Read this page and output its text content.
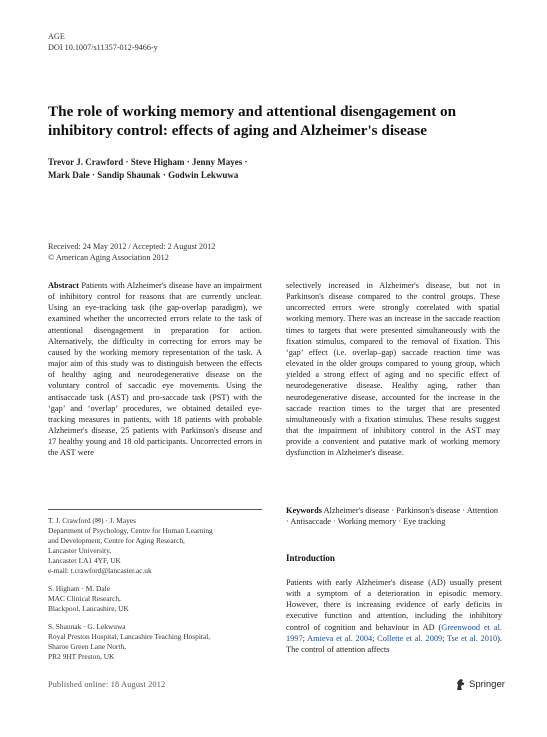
AGE
DOI 10.1007/s11357-012-9466-y
The role of working memory and attentional disengagement on inhibitory control: effects of aging and Alzheimer's disease
Trevor J. Crawford · Steve Higham · Jenny Mayes ·
Mark Dale · Sandip Shaunak · Godwin Lekwuwa
Received: 24 May 2012 / Accepted: 2 August 2012
© American Aging Association 2012
Abstract Patients with Alzheimer's disease have an impairment of inhibitory control for reasons that are currently unclear. Using an eye-tracking task (the gap-overlap paradigm), we examined whether the uncorrected errors relate to the task of attentional disengagement in preparation for action. Alternatively, the difficulty in correcting for errors may be caused by the working memory representation of the task. A major aim of this study was to distinguish between the effects of healthy aging and neurodegenerative disease on the voluntary control of saccadic eye movements. Using the antisaccade task (AST) and pro-saccade task (PST) with the ‘gap’ and ‘overlap’ procedures, we obtained detailed eye-tracking measures in patients, with 18 patients with probable Alzheimer's disease, 25 patients with Parkinson's disease and 17 healthy young and 18 old participants. Uncorrected errors in the AST were
selectively increased in Alzheimer's disease, but not in Parkinson's disease compared to the control groups. These uncorrected errors were strongly correlated with spatial working memory. There was an increase in the saccade reaction times to targets that were presented simultaneously with the fixation stimulus, compared to the removal of fixation. This ‘gap’ effect (i.e. overlap–gap) saccade reaction time was elevated in the older groups compared to young group, which yielded a strong effect of aging and no specific effect of neurodegenerative disease. Healthy aging, rather than neurodegenerative disease, accounted for the increase in the saccade reaction times to the target that are presented simultaneously with a fixation stimulus. These results suggest that the impairment of inhibitory control in the AST may provide a convenient and putative mark of working memory dysfunction in Alzheimer's disease.
Keywords Alzheimer's disease · Parkinson's disease · Attention · Antisaccade · Working memory · Eye tracking
T. J. Crawford (✉) · J. Mayes
Department of Psychology, Centre for Human Learning
and Development, Centre for Aging Research,
Lancaster University,
Lancaster LA1 4YF, UK
e-mail: t.crawford@lancaster.ac.uk
S. Higham · M. Dale
MAC Clinical Research,
Blackpool, Lancashire, UK
S. Shaunak · G. Lekwuwa
Royal Preston Hospital, Lancashire Teaching Hospital,
Sharoe Green Lane North,
PR2 9HT Preston, UK
Introduction
Patients with early Alzheimer's disease (AD) usually present with a symptom of a deterioration in episodic memory. However, there is increasing evidence of early deficits in executive function and attention, including the inhibitory control of cognition and behaviour in AD (Greenwood et al. 1997; Amieva et al. 2004; Collette et al. 2009; Tse et al. 2010). The control of attention affects
Published online: 18 August 2012	Springer
